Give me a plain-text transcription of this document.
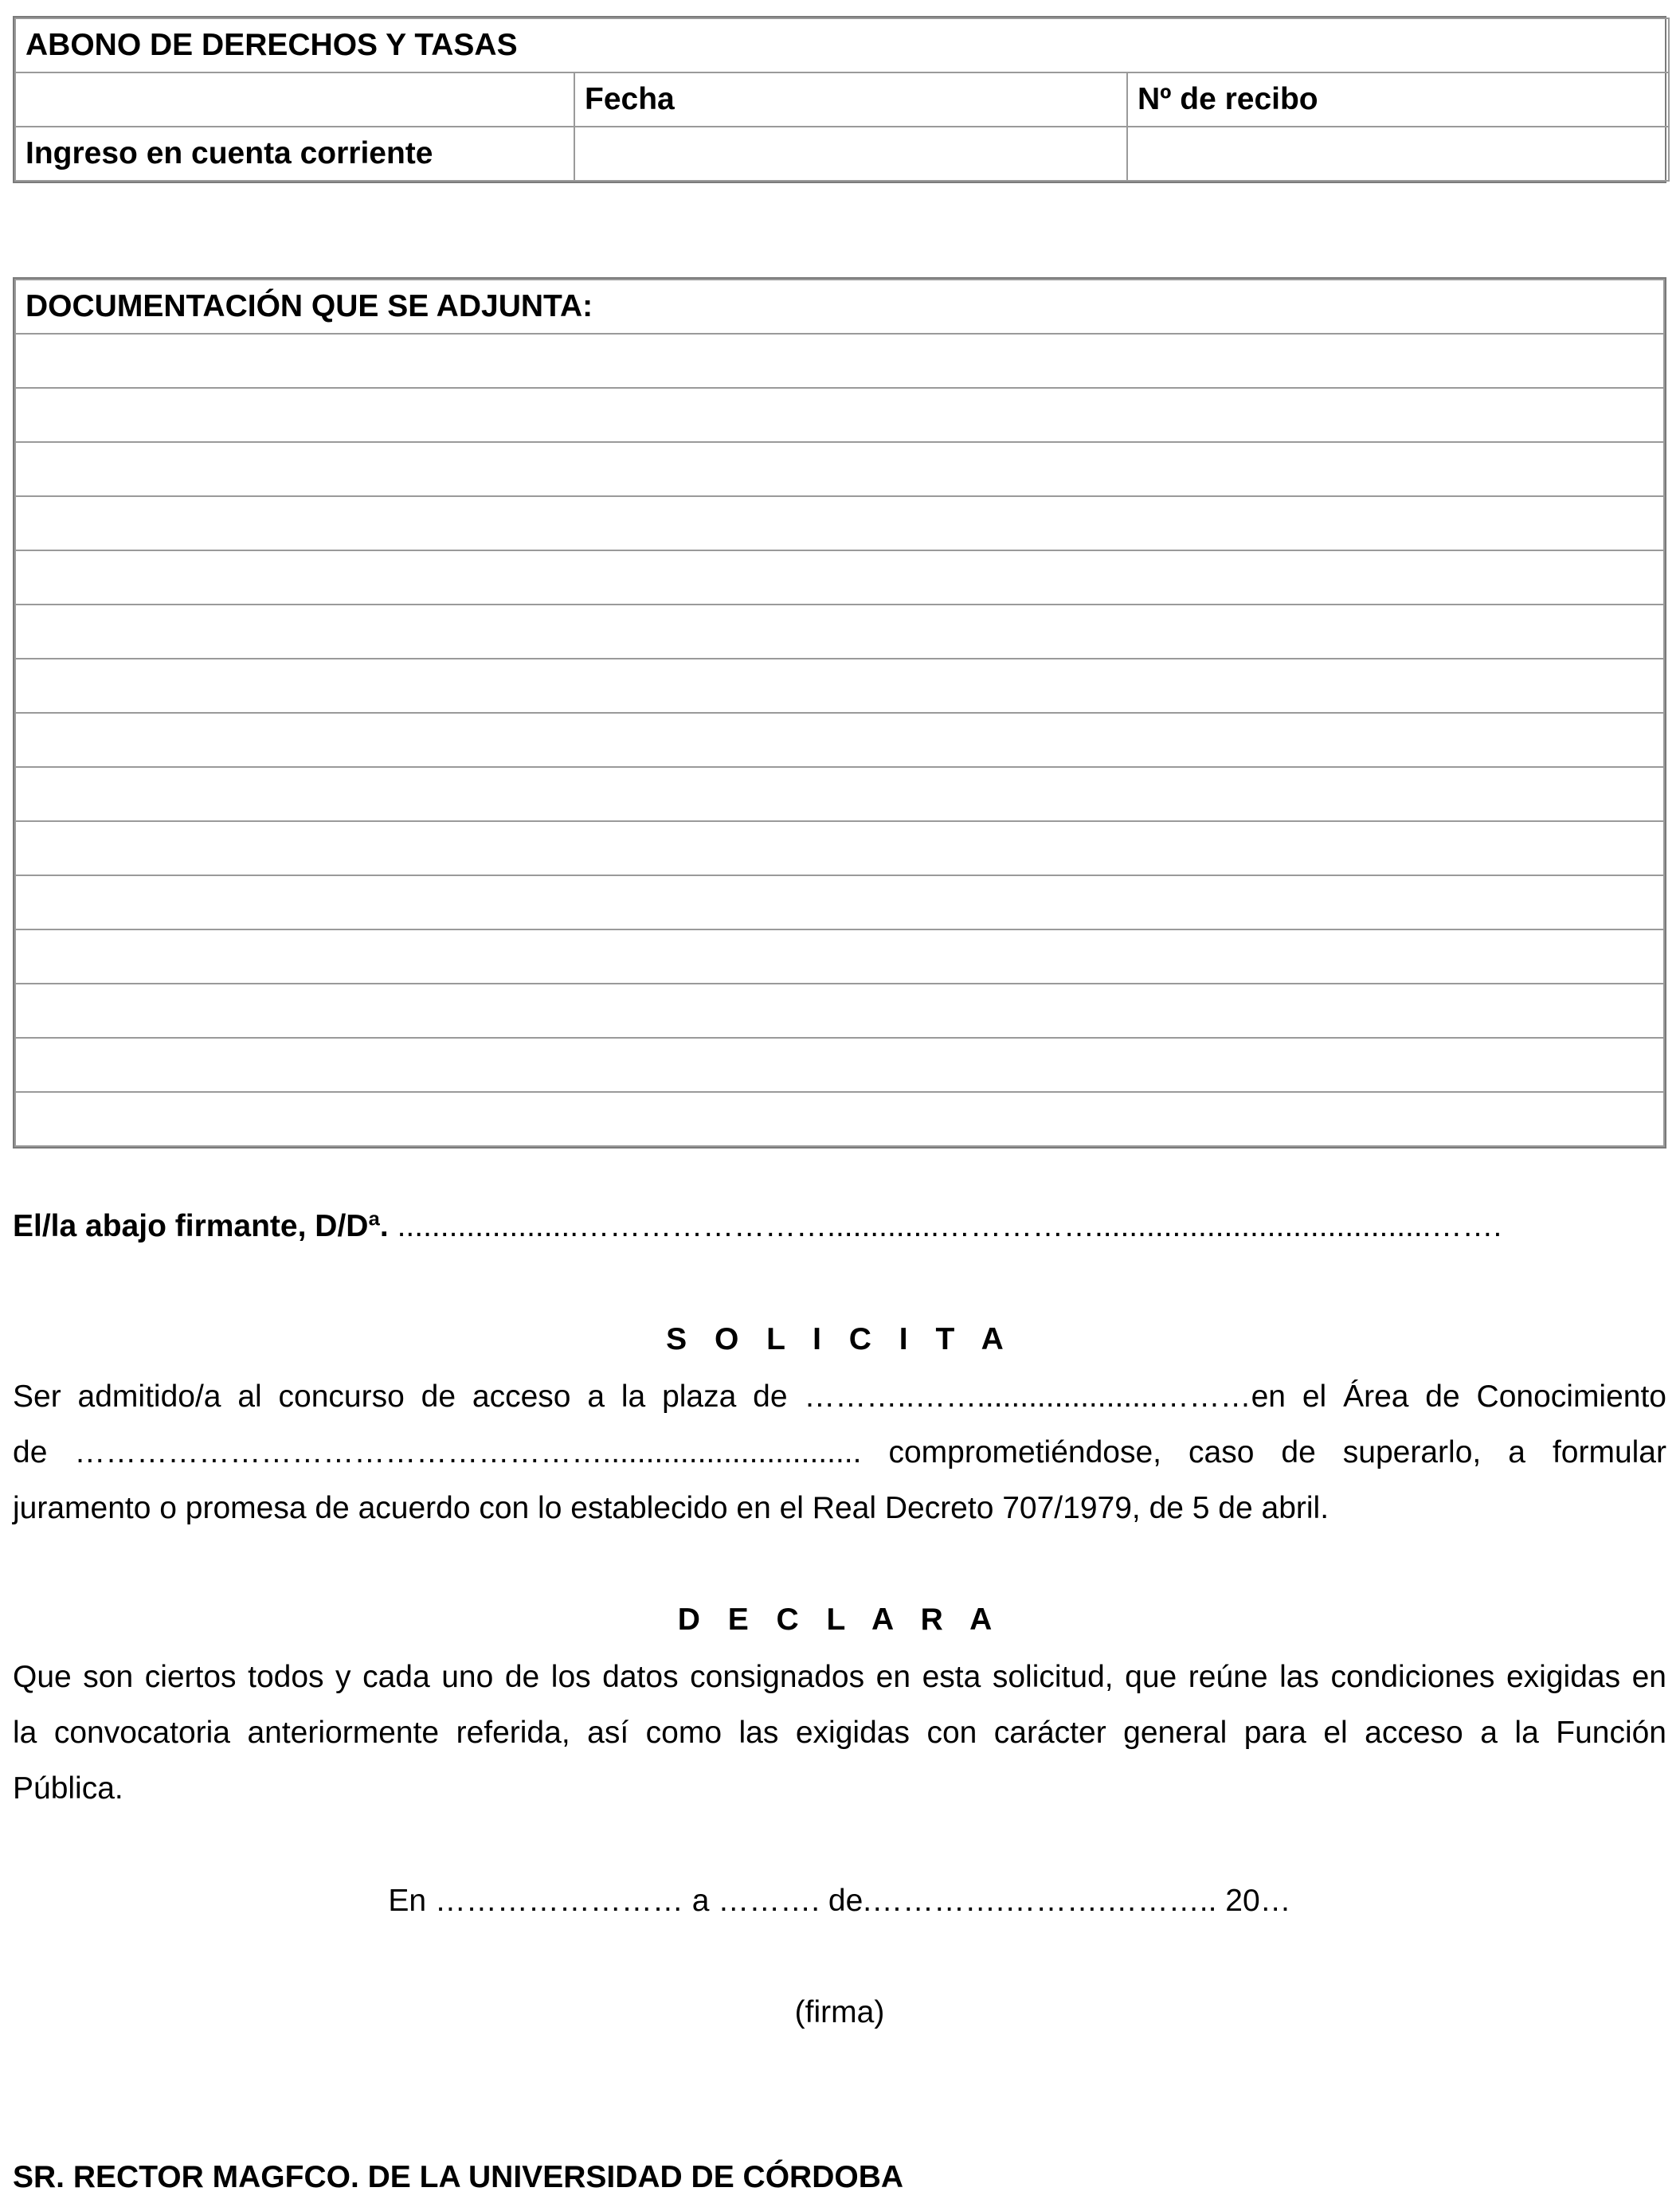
ABONO DE DERECHOS Y TASAS		
	Fecha	Nº de recibo
Ingreso en cuenta corriente		
DOCUMENTACIÓN QUE SE ADJUNTA:

El/la abajo firmante, D/Dª. .....................…………………….............…………….......................................…….
S O L I C I T A
Ser admitido/a al concurso de acceso a la plaza de ………..…….....................………en el Área de Conocimiento
de …………………………………………….............................. comprometiéndose, caso de superarlo, a formular
juramento o promesa de acuerdo con lo establecido en el Real Decreto 707/1979, de 5 de abril.
D E C L A R A
Que son ciertos todos y cada uno de los datos consignados en esta solicitud, que reúne las condiciones exigidas en
la convocatoria anteriormente referida, así como las exigidas con carácter general para el acceso a la Función
Pública.
En …………………… a ………. de.………….……….……….. 20…
(firma)
SR. RECTOR MAGFCO. DE LA UNIVERSIDAD DE CÓRDOBA
